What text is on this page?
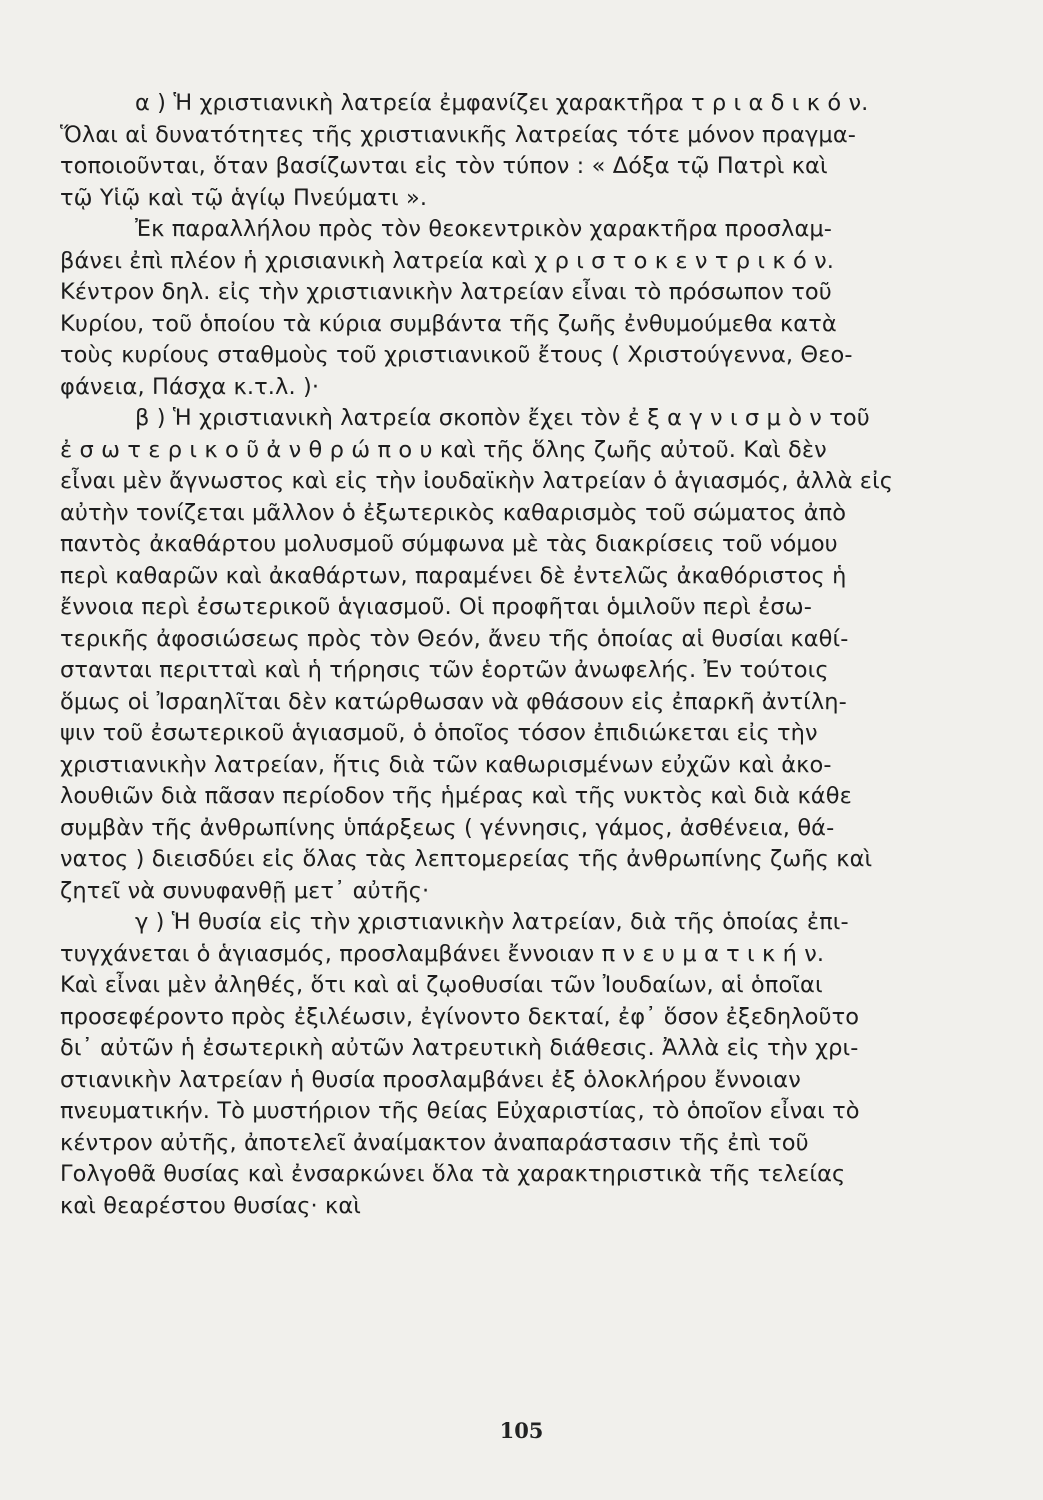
α ) Ἡ χριστιανικὴ λατρεία ἐμφανίζει χαρακτῆρα τ ρ ι α δ ι κ ό ν.
Ὅλαι αἱ δυνατότητες τῆς χριστιανικῆς λατρείας τότε μόνον πραγμα-
τοποιοῦνται, ὅταν βασίζωνται εἰς τὸν τύπον : « Δόξα τῷ Πατρὶ καὶ
τῷ Υἱῷ καὶ τῷ ἁγίῳ Πνεύματι ».
Ἐκ παραλλήλου πρὸς τὸν θεοκεντρικὸν χαρακτῆρα προσλαμ-
βάνει ἐπὶ πλέον ἡ χρισιανικὴ λατρεία καὶ χ ρ ι σ τ ο κ ε ν τ ρ ι κ ό ν.
Κέντρον δηλ. εἰς τὴν χριστιανικὴν λατρείαν εἶναι τὸ πρόσωπον τοῦ
Κυρίου, τοῦ ὁποίου τὰ κύρια συμβάντα τῆς ζωῆς ἐνθυμούμεθα κατὰ
τοὺς κυρίους σταθμοὺς τοῦ χριστιανικοῦ ἔτους ( Χριστούγεννα, Θεο-
φάνεια, Πάσχα κ.τ.λ. )·
β ) Ἡ χριστιανικὴ λατρεία σκοπὸν ἔχει τὸν ἐ ξ α γ ν ι σ μ ὸ ν τοῦ
ἐ σ ω τ ε ρ ι κ ο ῦ ἀ ν θ ρ ώ π ο υ καὶ τῆς ὅλης ζωῆς αὐτοῦ. Καὶ δὲν
εἶναι μὲν ἄγνωστος καὶ εἰς τὴν ἰουδαϊκὴν λατρείαν ὁ ἁγιασμός, ἀλλὰ εἰς
αὐτὴν τονίζεται μᾶλλον ὁ ἐξωτερικὸς καθαρισμὸς τοῦ σώματος ἀπὸ
παντὸς ἀκαθάρτου μολυσμοῦ σύμφωνα μὲ τὰς διακρίσεις τοῦ νόμου
περὶ καθαρῶν καὶ ἀκαθάρτων, παραμένει δὲ ἐντελῶς ἀκαθόριστος ἡ
ἔννοια περὶ ἐσωτερικοῦ ἁγιασμοῦ. Οἱ προφῆται ὁμιλοῦν περὶ ἐσω-
τερικῆς ἀφοσιώσεως πρὸς τὸν Θεόν, ἄνευ τῆς ὁποίας αἱ θυσίαι καθί-
στανται περιτταὶ καὶ ἡ τήρησις τῶν ἑορτῶν ἀνωφελής. Ἐν τούτοις
ὅμως οἱ Ἰσραηλῖται δὲν κατώρθωσαν νὰ φθάσουν εἰς ἐπαρκῆ ἀντίλη-
ψιν τοῦ ἐσωτερικοῦ ἁγιασμοῦ, ὁ ὁποῖος τόσον ἐπιδιώκεται εἰς τὴν
χριστιανικὴν λατρείαν, ἥτις διὰ τῶν καθωρισμένων εὐχῶν καὶ ἀκο-
λουθιῶν διὰ πᾶσαν περίοδον τῆς ἡμέρας καὶ τῆς νυκτὸς καὶ διὰ κάθε
συμβὰν τῆς ἀνθρωπίνης ὑπάρξεως ( γέννησις, γάμος, ἀσθένεια, θά-
νατος ) διεισδύει εἰς ὅλας τὰς λεπτομερείας τῆς ἀνθρωπίνης ζωῆς καὶ
ζητεῖ νὰ συνυφανθῇ μετ᾿ αὐτῆς·
γ ) Ἡ θυσία εἰς τὴν χριστιανικὴν λατρείαν, διὰ τῆς ὁποίας ἐπι-
τυγχάνεται ὁ ἁγιασμός, προσλαμβάνει ἔννοιαν π ν ε υ μ α τ ι κ ή ν.
Καὶ εἶναι μὲν ἀληθές, ὅτι καὶ αἱ ζῳοθυσίαι τῶν Ἰουδαίων, αἱ ὁποῖαι
προσεφέροντο πρὸς ἐξιλέωσιν, ἐγίνοντο δεκταί, ἐφ᾿ ὅσον ἐξεδηλοῦτο
δι᾿ αὐτῶν ἡ ἐσωτερικὴ αὐτῶν λατρευτικὴ διάθεσις. Ἀλλὰ εἰς τὴν χρι-
στιανικὴν λατρείαν ἡ θυσία προσλαμβάνει ἐξ ὁλοκλήρου ἔννοιαν
πνευματικήν. Τὸ μυστήριον τῆς θείας Εὐχαριστίας, τὸ ὁποῖον εἶναι τὸ
κέντρον αὐτῆς, ἀποτελεῖ ἀναίμακτον ἀναπαράστασιν τῆς ἐπὶ τοῦ
Γολγοθᾶ θυσίας καὶ ἐνσαρκώνει ὅλα τὰ χαρακτηριστικὰ τῆς τελείας
καὶ θεαρέστου θυσίας· καὶ
105
